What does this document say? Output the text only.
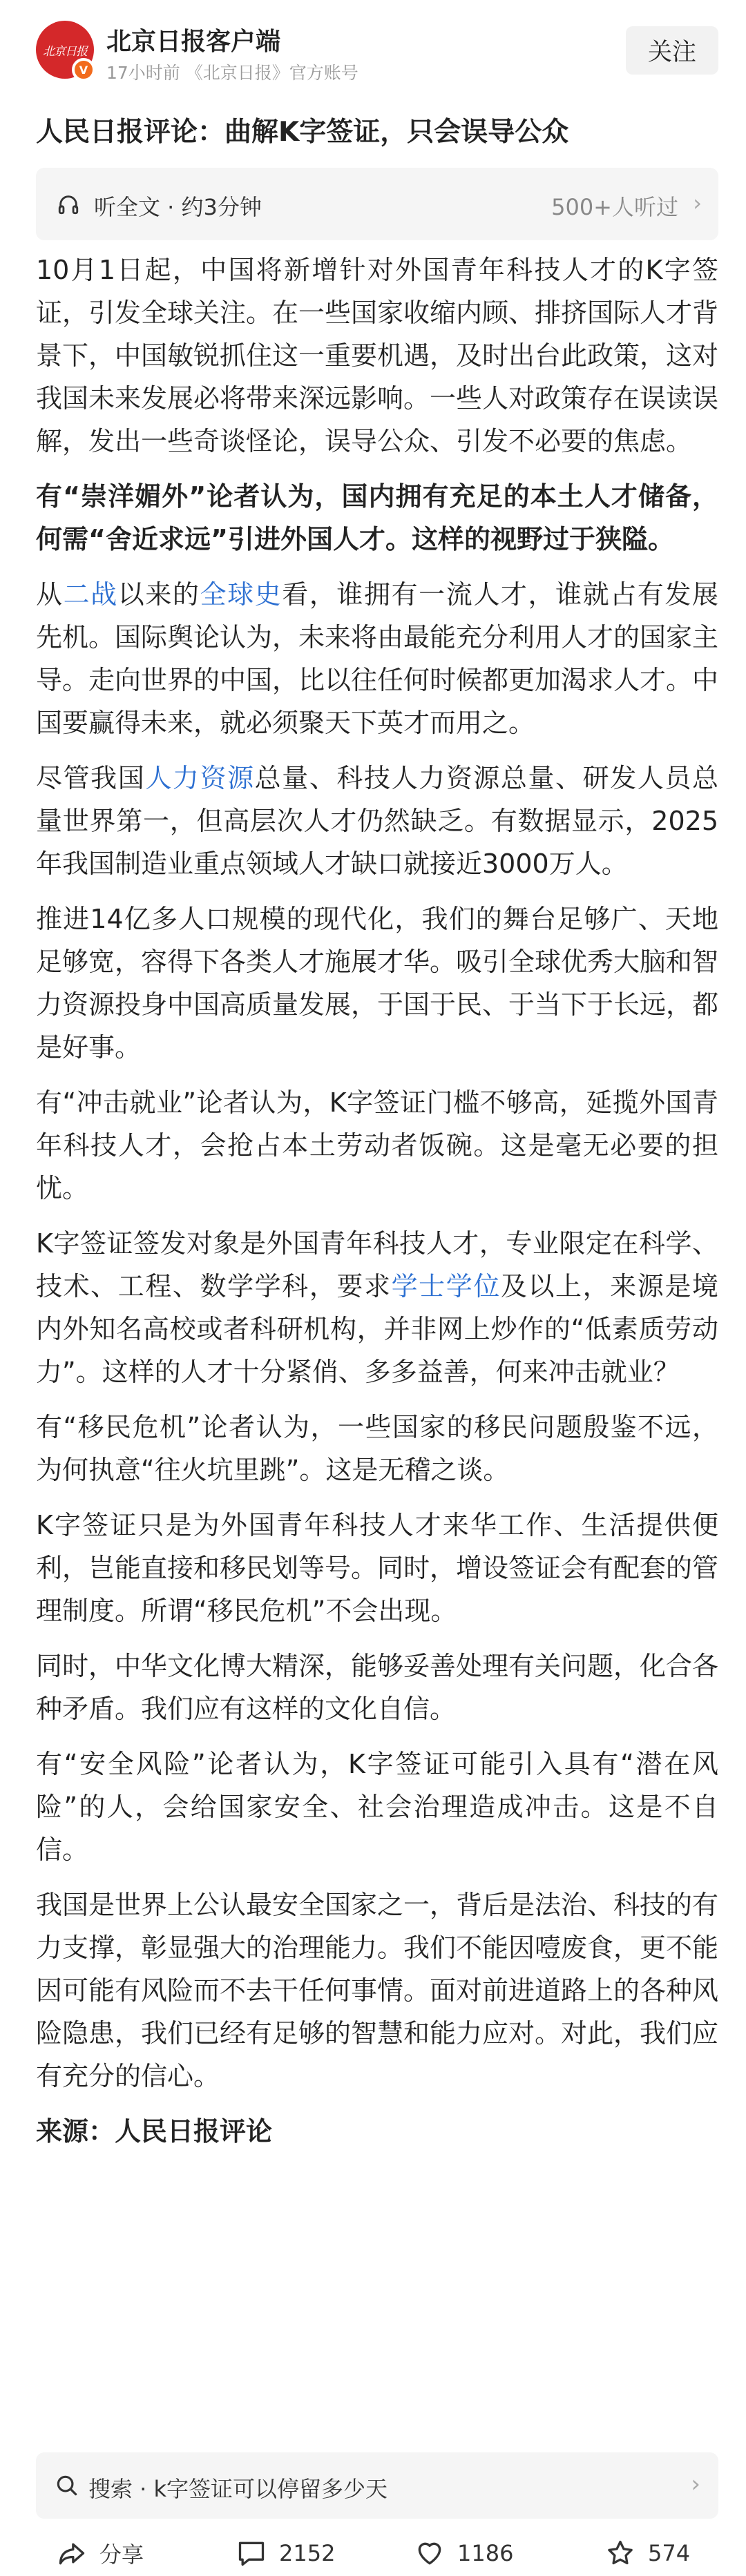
北京日报
V
北京日报客户端
17小时前 《北京日报》官方账号
关注
人民日报评论：曲解K字签证，只会误导公众
听全文 · 约3分钟	500+人听过 ›

10月1日起，中国将新增针对外国青年科技人才的K字签证，引发全球关注。在一些国家收缩内顾、排挤国际人才背景下，中国敏锐抓住这一重要机遇，及时出台此政策，这对我国未来发展必将带来深远影响。一些人对政策存在误读误解，发出一些奇谈怪论，误导公众、引发不必要的焦虑。

有“崇洋媚外”论者认为，国内拥有充足的本土人才储备，何需“舍近求远”引进外国人才。这样的视野过于狭隘。

从二战以来的全球史看，谁拥有一流人才，谁就占有发展先机。国际舆论认为，未来将由最能充分利用人才的国家主导。走向世界的中国，比以往任何时候都更加渴求人才。中国要赢得未来，就必须聚天下英才而用之。

尽管我国人力资源总量、科技人力资源总量、研发人员总量世界第一，但高层次人才仍然缺乏。有数据显示，2025年我国制造业重点领域人才缺口就接近3000万人。

推进14亿多人口规模的现代化，我们的舞台足够广、天地足够宽，容得下各类人才施展才华。吸引全球优秀大脑和智力资源投身中国高质量发展，于国于民、于当下于长远，都是好事。

有“冲击就业”论者认为，K字签证门槛不够高，延揽外国青年科技人才，会抢占本土劳动者饭碗。这是毫无必要的担忧。

K字签证签发对象是外国青年科技人才，专业限定在科学、技术、工程、数学学科，要求学士学位及以上，来源是境内外知名高校或者科研机构，并非网上炒作的“低素质劳动力”。这样的人才十分紧俏、多多益善，何来冲击就业？

有“移民危机”论者认为，一些国家的移民问题殷鉴不远，为何执意“往火坑里跳”。这是无稽之谈。

K字签证只是为外国青年科技人才来华工作、生活提供便利，岂能直接和移民划等号。同时，增设签证会有配套的管理制度。所谓“移民危机”不会出现。

同时，中华文化博大精深，能够妥善处理有关问题，化合各种矛盾。我们应有这样的文化自信。

有“安全风险”论者认为，K字签证可能引入具有“潜在风险”的人，会给国家安全、社会治理造成冲击。这是不自信。

我国是世界上公认最安全国家之一，背后是法治、科技的有力支撑，彰显强大的治理能力。我们不能因噎废食，更不能因可能有风险而不去干任何事情。面对前进道路上的各种风险隐患，我们已经有足够的智慧和能力应对。对此，我们应有充分的信心。

来源：人民日报评论
搜索 · k字签证可以停留多少天	›
分享	2152	1186	574
